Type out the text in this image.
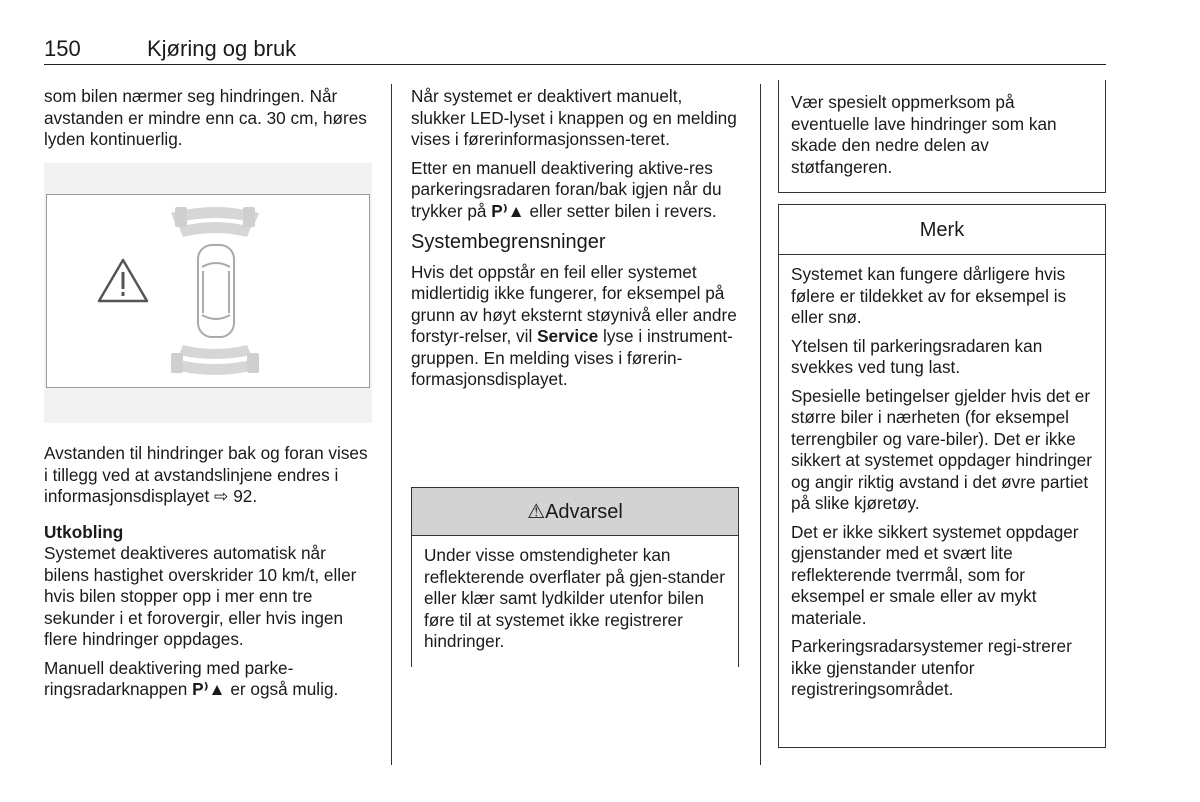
150	Kjøring og bruk

som bilen nærmer seg hindringen. Når avstanden er mindre enn ca. 30 cm, høres lyden kontinuerlig.

Avstanden til hindringer bak og foran vises i tillegg ved at avstandslinjene endres i informasjonsdisplayet ⇨ 92.

Utkobling

Systemet deaktiveres automatisk når bilens hastighet overskrider 10 km/t, eller hvis bilen stopper opp i mer enn tre sekunder i et forovergir, eller hvis ingen flere hindringer oppdages.

Manuell deaktivering med parke-ringsradarknappen P⁾▲ er også mulig.

Når systemet er deaktivert manuelt, slukker LED-lyset i knappen og en melding vises i førerinformasjonssen-teret.

Etter en manuell deaktivering aktive-res parkeringsradaren foran/bak igjen når du trykker på P⁾▲ eller setter bilen i revers.

Systembegrensninger

Hvis det oppstår en feil eller systemet midlertidig ikke fungerer, for eksempel på grunn av høyt eksternt støynivå eller andre forstyr-relser, vil Service lyse i instrument-gruppen. En melding vises i førerin-formasjonsdisplayet.

⚠Advarsel

Under visse omstendigheter kan reflekterende overflater på gjen-stander eller klær samt lydkilder utenfor bilen føre til at systemet ikke registrerer hindringer.

Vær spesielt oppmerksom på eventuelle lave hindringer som kan skade den nedre delen av støtfangeren.

Merk

Systemet kan fungere dårligere hvis følere er tildekket av for eksempel is eller snø.

Ytelsen til parkeringsradaren kan svekkes ved tung last.

Spesielle betingelser gjelder hvis det er større biler i nærheten (for eksempel terrengbiler og vare-biler). Det er ikke sikkert at systemet oppdager hindringer og angir riktig avstand i det øvre partiet på slike kjøretøy.

Det er ikke sikkert systemet oppdager gjenstander med et svært lite reflekterende tverrmål, som for eksempel er smale eller av mykt materiale.

Parkeringsradarsystemer regi-strerer ikke gjenstander utenfor registreringsområdet.
